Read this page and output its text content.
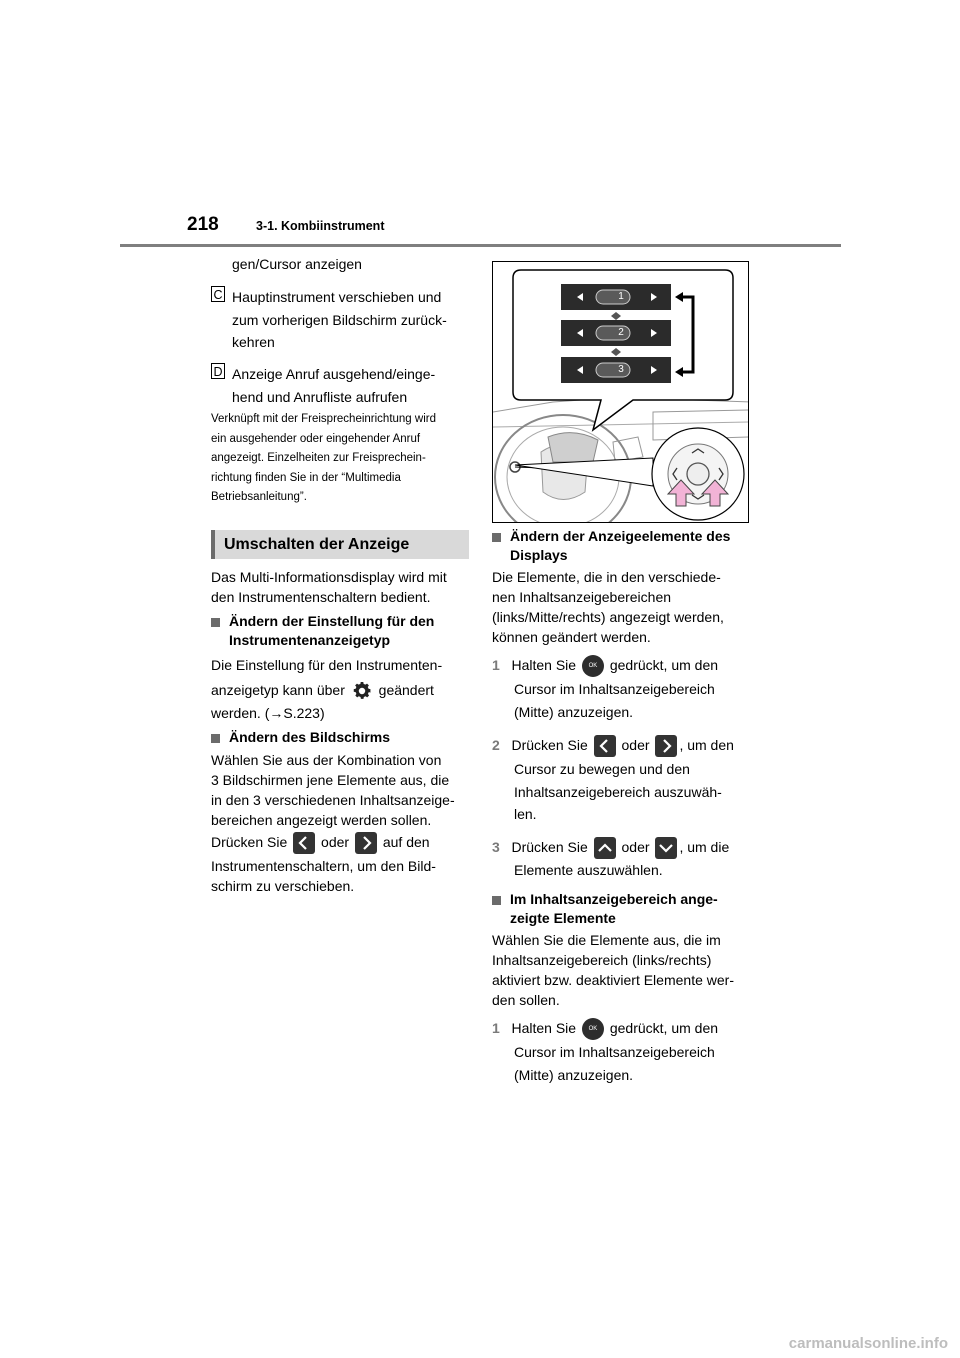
218	3-1. Kombiinstrument

gen/Cursor anzeigen

C Hauptinstrument verschieben und
zum vorherigen Bildschirm zurück-
kehren

D Anzeige Anruf ausgehend/einge-
hend und Anrufliste aufrufen

Verknüpft mit der Freisprecheinrichtung wird
ein ausgehender oder eingehender Anruf
angezeigt. Einzelheiten zur Freisprechein-
richtung finden Sie in der “Multimedia
Betriebsanleitung”.

Umschalten der Anzeige

Das Multi-Informationsdisplay wird mit
den Instrumentenschaltern bedient.

Ändern der Einstellung für den
Instrumentenanzeigetyp

Die Einstellung für den Instrumenten-

anzeigetyp kann über geändert

werden. (→S.223)

Ändern des Bildschirms

Wählen Sie aus der Kombination von
3 Bildschirmen jene Elemente aus, die
in den 3 verschiedenen Inhaltsanzeige-
bereichen angezeigt werden sollen.

Drücken Sie oder auf den

Instrumentenschaltern, um den Bild-
schirm zu verschieben.

1
2
3

Ändern der Anzeigeelemente des
Displays

Die Elemente, die in den verschiede-
nen Inhaltsanzeigebereichen
(links/Mitte/rechts) angezeigt werden,
können geändert werden.

1 Halten Sie OK gedrückt, um den

Cursor im Inhaltsanzeigebereich
(Mitte) anzuzeigen.

2 Drücken Sie oder , um den

Cursor zu bewegen und den
Inhaltsanzeigebereich auszuwäh-
len.

3 Drücken Sie oder , um die

Elemente auszuwählen.

Im Inhaltsanzeigebereich ange-
zeigte Elemente

Wählen Sie die Elemente aus, die im
Inhaltsanzeigebereich (links/rechts)
aktiviert bzw. deaktiviert Elemente wer-
den sollen.

1 Halten Sie OK gedrückt, um den

Cursor im Inhaltsanzeigebereich
(Mitte) anzuzeigen.

carmanualsonline.info
